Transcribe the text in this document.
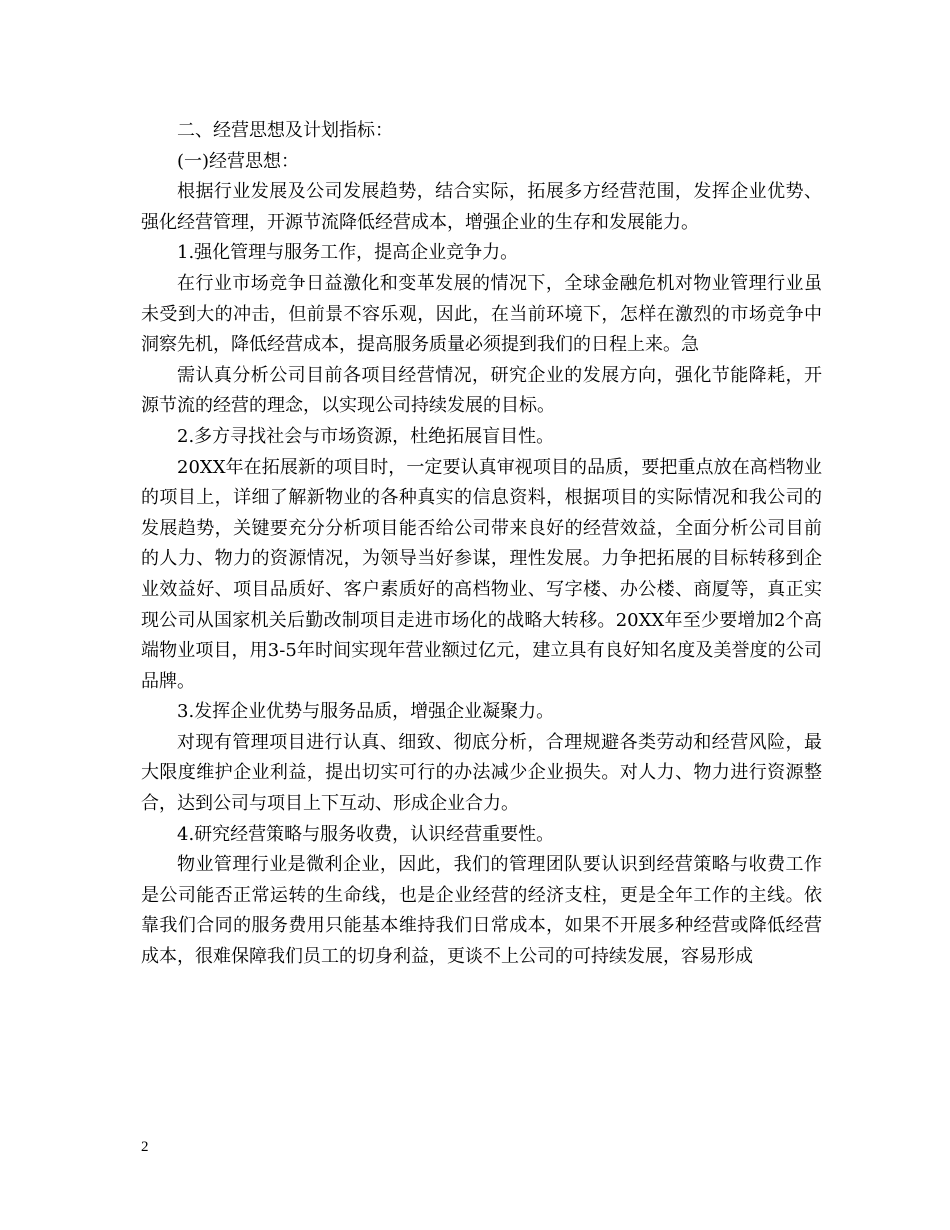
二、经营思想及计划指标：

(一)经营思想：

根据行业发展及公司发展趋势，结合实际，拓展多方经营范围，发挥企业优势、强化经营管理，开源节流降低经营成本，增强企业的生存和发展能力。

1.强化管理与服务工作，提高企业竞争力。

在行业市场竞争日益激化和变革发展的情况下，全球金融危机对物业管理行业虽未受到大的冲击，但前景不容乐观，因此，在当前环境下，怎样在激烈的市场竞争中洞察先机，降低经营成本，提高服务质量必须提到我们的日程上来。急

需认真分析公司目前各项目经营情况，研究企业的发展方向，强化节能降耗，开源节流的经营的理念，以实现公司持续发展的目标。

2.多方寻找社会与市场资源，杜绝拓展盲目性。

20XX年在拓展新的项目时，一定要认真审视项目的品质，要把重点放在高档物业的项目上，详细了解新物业的各种真实的信息资料，根据项目的实际情况和我公司的发展趋势，关键要充分分析项目能否给公司带来良好的经营效益，全面分析公司目前的人力、物力的资源情况，为领导当好参谋，理性发展。力争把拓展的目标转移到企业效益好、项目品质好、客户素质好的高档物业、写字楼、办公楼、商厦等，真正实现公司从国家机关后勤改制项目走进市场化的战略大转移。20XX年至少要增加2个高端物业项目，用3-5年时间实现年营业额过亿元，建立具有良好知名度及美誉度的公司品牌。

3.发挥企业优势与服务品质，增强企业凝聚力。

对现有管理项目进行认真、细致、彻底分析，合理规避各类劳动和经营风险，最大限度维护企业利益，提出切实可行的办法减少企业损失。对人力、物力进行资源整合，达到公司与项目上下互动、形成企业合力。

4.研究经营策略与服务收费，认识经营重要性。

物业管理行业是微利企业，因此，我们的管理团队要认识到经营策略与收费工作是公司能否正常运转的生命线，也是企业经营的经济支柱，更是全年工作的主线。依靠我们合同的服务费用只能基本维持我们日常成本，如果不开展多种经营或降低经营成本，很难保障我们员工的切身利益，更谈不上公司的可持续发展，容易形成

2
